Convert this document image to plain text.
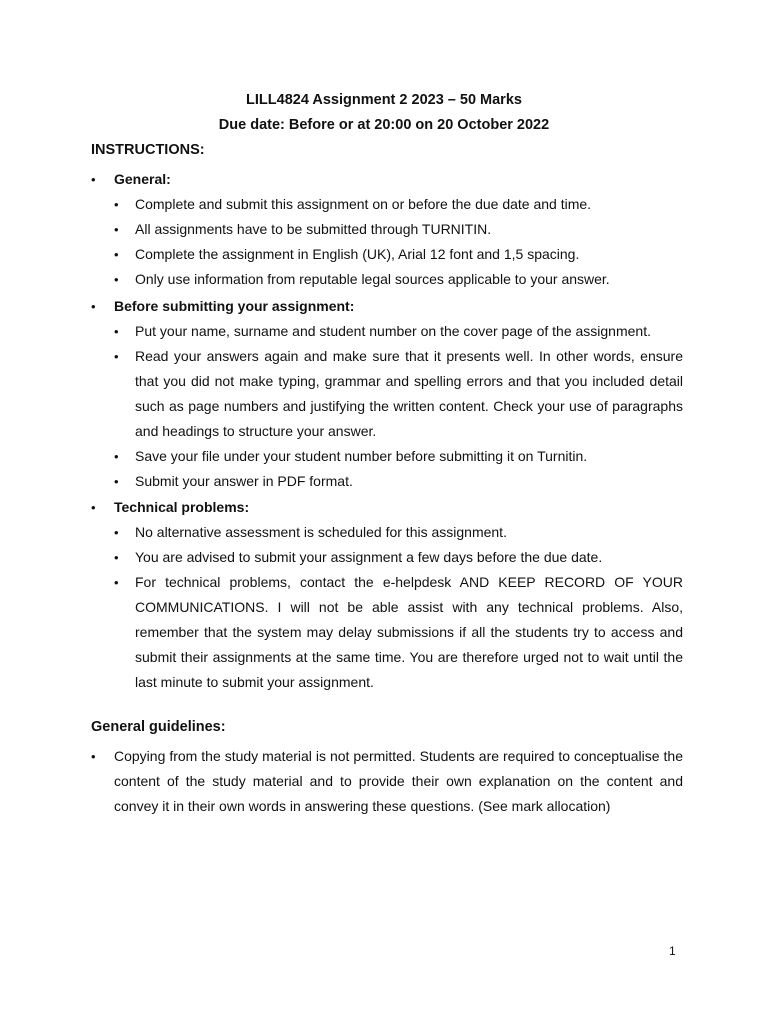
LILL4824 Assignment 2 2023 – 50 Marks
Due date: Before or at 20:00 on 20 October 2022
INSTRUCTIONS:
• General:
• Complete and submit this assignment on or before the due date and time.
• All assignments have to be submitted through TURNITIN.
• Complete the assignment in English (UK), Arial 12 font and 1,5 spacing.
• Only use information from reputable legal sources applicable to your answer.
• Before submitting your assignment:
• Put your name, surname and student number on the cover page of the assignment.
• Read your answers again and make sure that it presents well. In other words, ensure that you did not make typing, grammar and spelling errors and that you included detail such as page numbers and justifying the written content. Check your use of paragraphs and headings to structure your answer.
• Save your file under your student number before submitting it on Turnitin.
• Submit your answer in PDF format.
• Technical problems:
• No alternative assessment is scheduled for this assignment.
• You are advised to submit your assignment a few days before the due date.
• For technical problems, contact the e-helpdesk AND KEEP RECORD OF YOUR COMMUNICATIONS. I will not be able assist with any technical problems. Also, remember that the system may delay submissions if all the students try to access and submit their assignments at the same time. You are therefore urged not to wait until the last minute to submit your assignment.
General guidelines:
• Copying from the study material is not permitted. Students are required to conceptualise the content of the study material and to provide their own explanation on the content and convey it in their own words in answering these questions. (See mark allocation)
1
